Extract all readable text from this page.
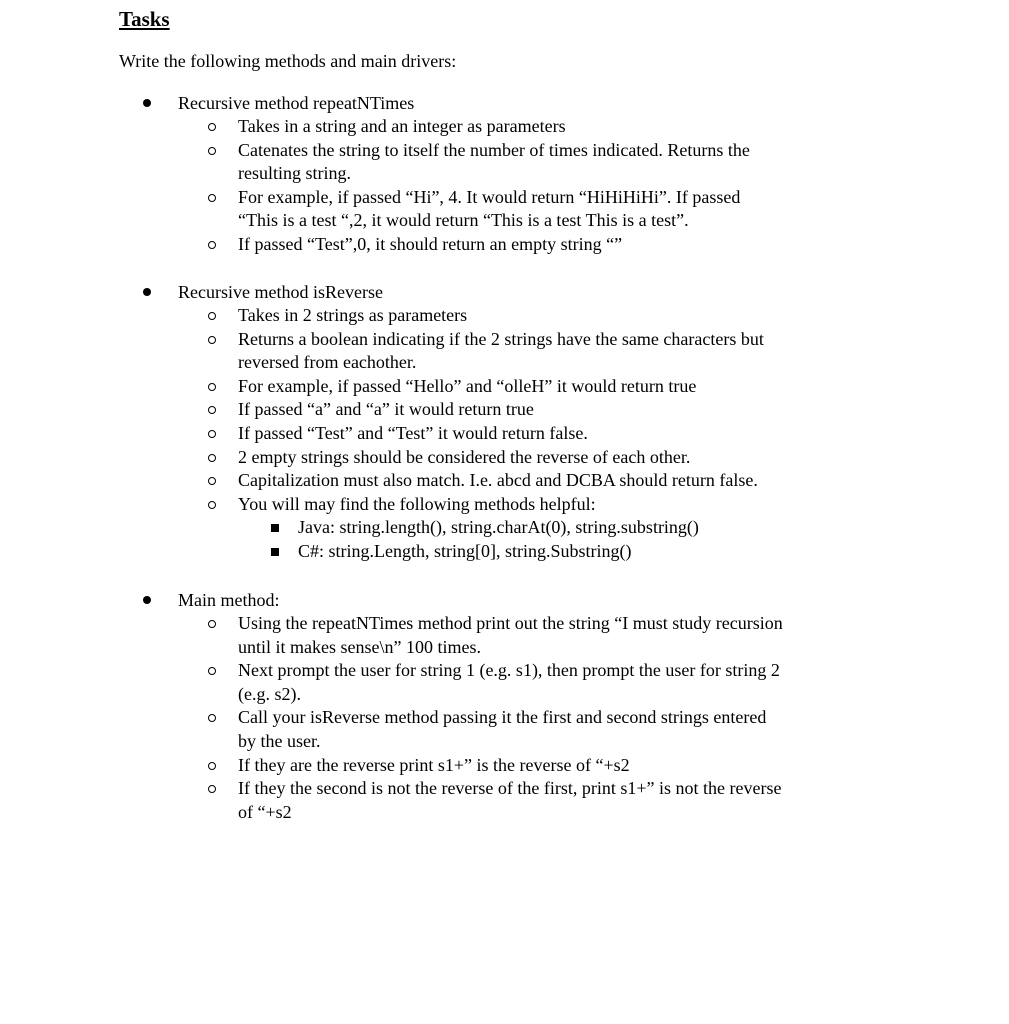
Tasks
Write the following methods and main drivers:
Recursive method repeatNTimes
Takes in a string and an integer as parameters
Catenates the string to itself the number of times indicated. Returns the
resulting string.
For example, if passed “Hi”, 4. It would return “HiHiHiHi”. If passed
“This is a test “,2, it would return “This is a test This is a test”.
If passed “Test”,0, it should return an empty string “”
Recursive method isReverse
Takes in 2 strings as parameters
Returns a boolean indicating if the 2 strings have the same characters but
reversed from eachother.
For example, if passed “Hello” and “olleH” it would return true
If passed “a” and “a” it would return true
If passed “Test” and “Test” it would return false.
2 empty strings should be considered the reverse of each other.
Capitalization must also match. I.e. abcd and DCBA should return false.
You will may find the following methods helpful:
Java: string.length(), string.charAt(0), string.substring()
C#: string.Length, string[0], string.Substring()
Main method:
Using the repeatNTimes method print out the string “I must study recursion
until it makes sense\n” 100 times.
Next prompt the user for string 1 (e.g. s1), then prompt the user for string 2
(e.g. s2).
Call your isReverse method passing it the first and second strings entered
by the user.
If they are the reverse print s1+” is the reverse of “+s2
If they the second is not the reverse of the first, print s1+” is not the reverse
of “+s2
